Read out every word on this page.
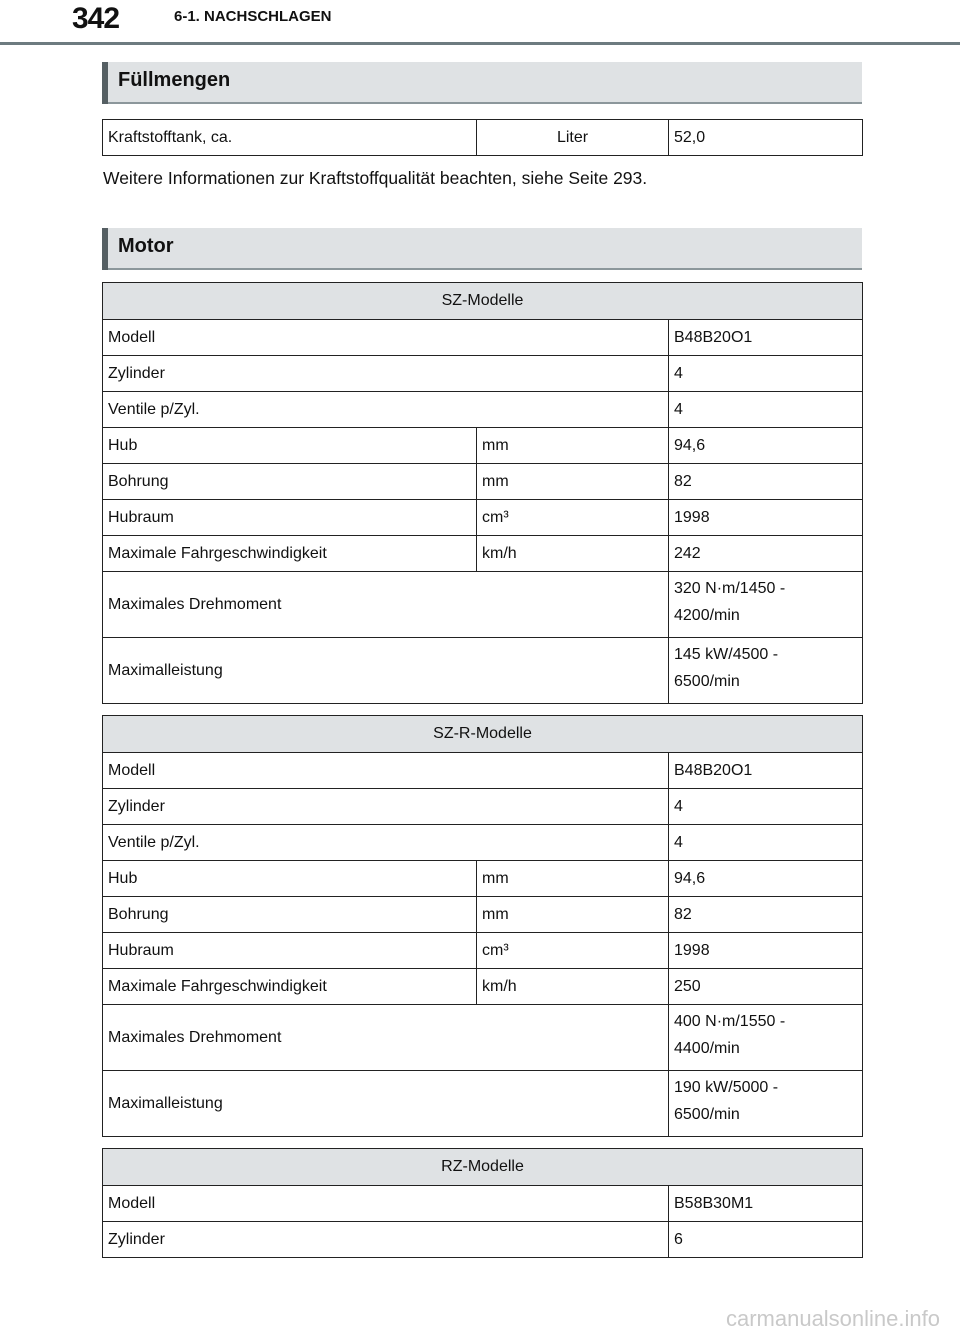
342	6-1. NACHSCHLAGEN
Füllmengen
Kraftstofftank, ca.	Liter	52,0
Weitere Informationen zur Kraftstoffqualität beachten, siehe Seite 293.
Motor
SZ-Modelle		
Modell		B48B20O1
Zylinder		4
Ventile p/Zyl.		4
Hub	mm	94,6
Bohrung	mm	82
Hubraum	cm³	1998
Maximale Fahrgeschwindigkeit	km/h	242
Maximales Drehmoment		320 N·m/1450 -
4200/min
Maximalleistung		145 kW/4500 -
6500/min
SZ-R-Modelle		
Modell		B48B20O1
Zylinder		4
Ventile p/Zyl.		4
Hub	mm	94,6
Bohrung	mm	82
Hubraum	cm³	1998
Maximale Fahrgeschwindigkeit	km/h	250
Maximales Drehmoment		400 N·m/1550 -
4400/min
Maximalleistung		190 kW/5000 -
6500/min
RZ-Modelle	
Modell	B58B30M1
Zylinder	6
carmanualsonline.info
